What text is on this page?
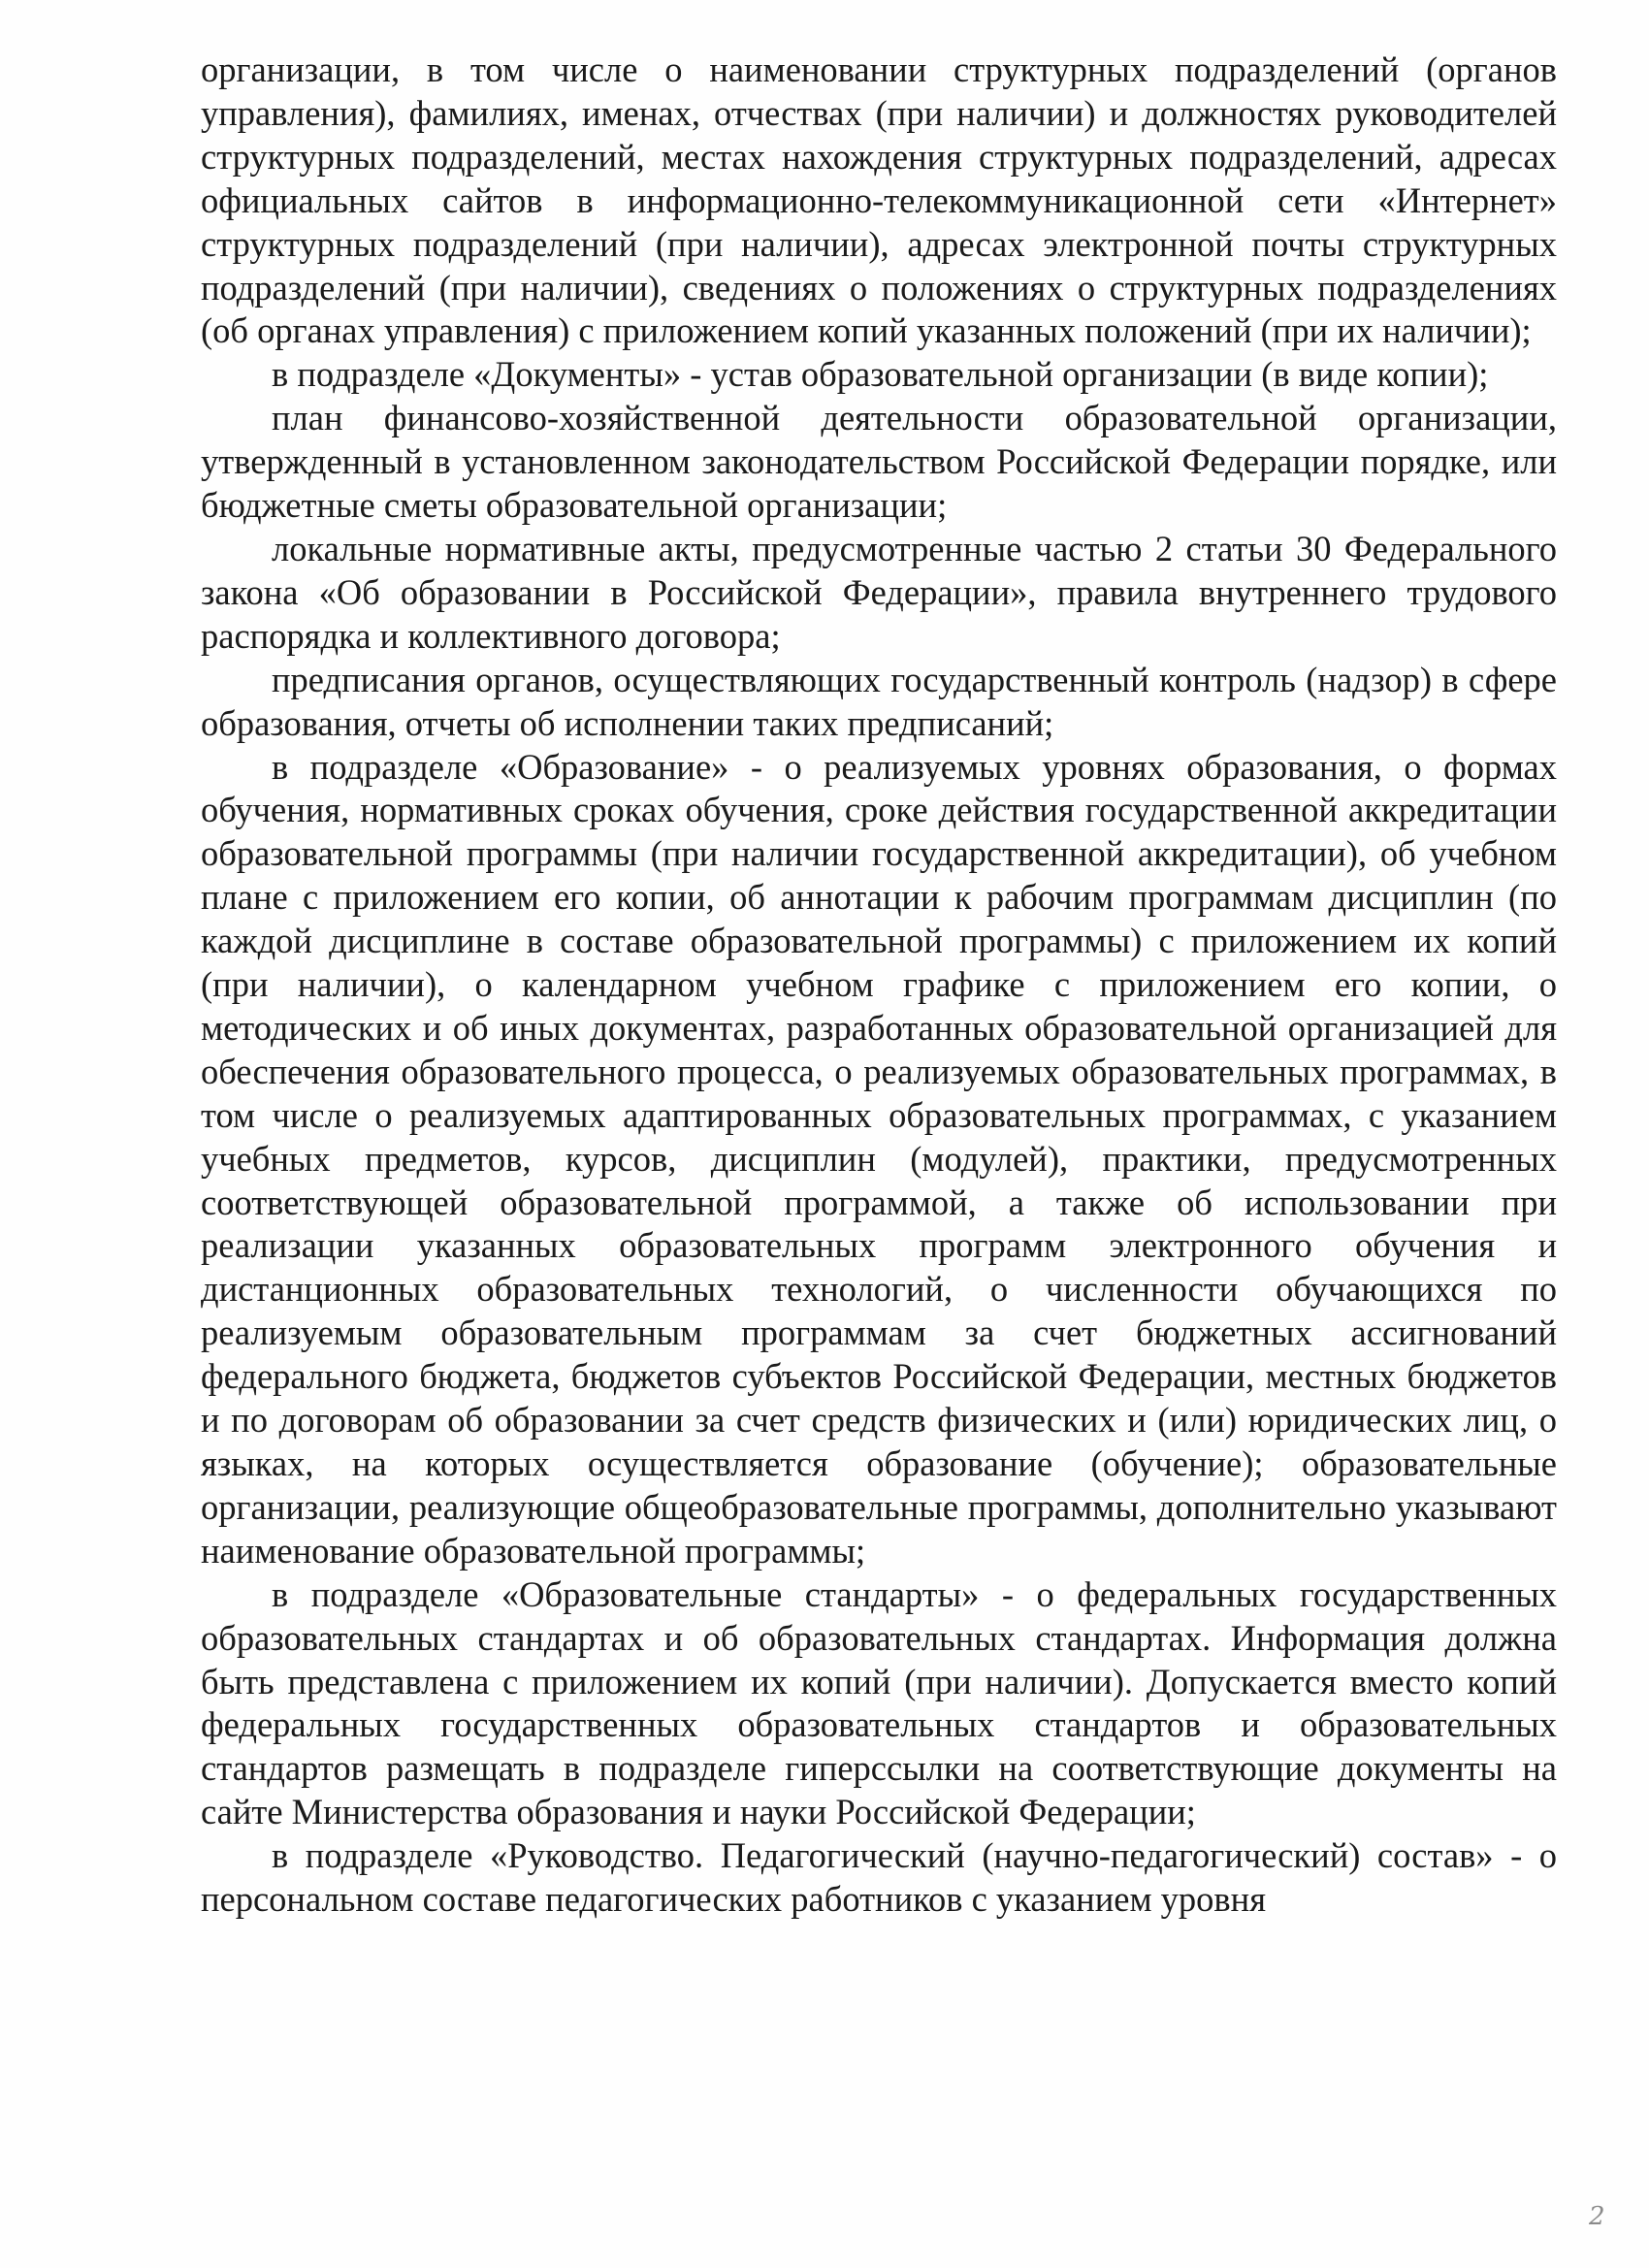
организации, в том числе о наименовании структурных подразделений (органов управления), фамилиях, именах, отчествах (при наличии) и должностях руководителей структурных подразделений, местах нахождения структурных подразделений, адресах официальных сайтов в информационно-телекоммуникационной сети «Интернет» структурных подразделений (при наличии), адресах электронной почты структурных подразделений (при наличии), сведениях о положениях о структурных подразделениях (об органах управления) с приложением копий указанных положений (при их наличии);

в подразделе «Документы» - устав образовательной организации (в виде копии);

план финансово-хозяйственной деятельности образовательной организации, утвержденный в установленном законодательством Российской Федерации порядке, или бюджетные сметы образовательной организации;

локальные нормативные акты, предусмотренные частью 2 статьи 30 Федерального закона «Об образовании в Российской Федерации», правила внутреннего трудового распорядка и коллективного договора;

предписания органов, осуществляющих государственный контроль (надзор) в сфере образования, отчеты об исполнении таких предписаний;

в подразделе «Образование» - о реализуемых уровнях образования, о формах обучения, нормативных сроках обучения, сроке действия государственной аккредитации образовательной программы (при наличии государственной аккредитации), об учебном плане с приложением его копии, об аннотации к рабочим программам дисциплин (по каждой дисциплине в составе образовательной программы) с приложением их копий (при наличии), о календарном учебном графике с приложением его копии, о методических и об иных документах, разработанных образовательной организацией для обеспечения образовательного процесса, о реализуемых образовательных программах, в том числе о реализуемых адаптированных образовательных программах, с указанием учебных предметов, курсов, дисциплин (модулей), практики, предусмотренных соответствующей образовательной программой, а также об использовании при реализации указанных образовательных программ электронного обучения и дистанционных образовательных технологий, о численности обучающихся по реализуемым образовательным программам за счет бюджетных ассигнований федерального бюджета, бюджетов субъектов Российской Федерации, местных бюджетов и по договорам об образовании за счет средств физических и (или) юридических лиц, о языках, на которых осуществляется образование (обучение); образовательные организации, реализующие общеобразовательные программы, дополнительно указывают наименование образовательной программы;

в подразделе «Образовательные стандарты» - о федеральных государственных образовательных стандартах и об образовательных стандартах. Информация должна быть представлена с приложением их копий (при наличии). Допускается вместо копий федеральных государственных образовательных стандартов и образовательных стандартов размещать в подразделе гиперссылки на соответствующие документы на сайте Министерства образования и науки Российской Федерации;

в подразделе «Руководство. Педагогический (научно-педагогический) состав» - о персональном составе педагогических работников с указанием уровня

2
